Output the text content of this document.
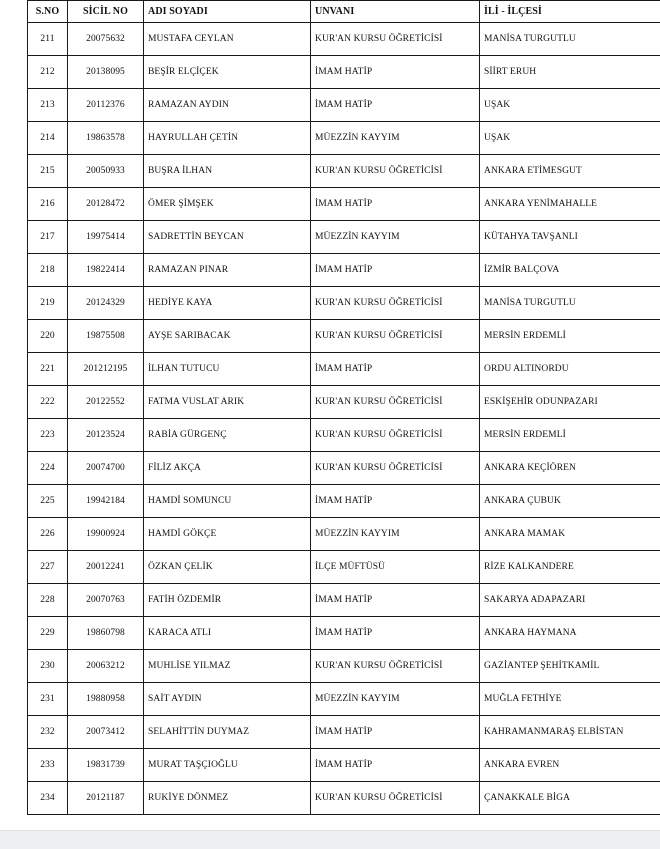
S.NO	SİCİL NO	ADI SOYADI	UNVANI	İLİ - İLÇESİ
211	20075632	MUSTAFA CEYLAN	KUR'AN KURSU ÖĞRETİCİSİ	MANİSA TURGUTLU
212	20138095	BEŞİR ELÇİÇEK	İMAM HATİP	SİİRT ERUH
213	20112376	RAMAZAN AYDIN	İMAM HATİP	UŞAK
214	19863578	HAYRULLAH ÇETİN	MÜEZZİN KAYYIM	UŞAK
215	20050933	BUŞRA İLHAN	KUR'AN KURSU ÖĞRETİCİSİ	ANKARA ETİMESGUT
216	20128472	ÖMER ŞİMŞEK	İMAM HATİP	ANKARA YENİMAHALLE
217	19975414	SADRETTİN BEYCAN	MÜEZZİN KAYYIM	KÜTAHYA TAVŞANLI
218	19822414	RAMAZAN PINAR	İMAM HATİP	İZMİR BALÇOVA
219	20124329	HEDİYE KAYA	KUR'AN KURSU ÖĞRETİCİSİ	MANİSA TURGUTLU
220	19875508	AYŞE SARIBACAK	KUR'AN KURSU ÖĞRETİCİSİ	MERSİN ERDEMLİ
221	201212195	İLHAN TUTUCU	İMAM HATİP	ORDU ALTINORDU
222	20122552	FATMA VUSLAT ARIK	KUR'AN KURSU ÖĞRETİCİSİ	ESKİŞEHİR ODUNPAZARI
223	20123524	RABİA GÜRGENÇ	KUR'AN KURSU ÖĞRETİCİSİ	MERSİN ERDEMLİ
224	20074700	FİLİZ AKÇA	KUR'AN KURSU ÖĞRETİCİSİ	ANKARA KEÇİÖREN
225	19942184	HAMDİ SOMUNCU	İMAM HATİP	ANKARA ÇUBUK
226	19900924	HAMDİ GÖKÇE	MÜEZZİN KAYYIM	ANKARA MAMAK
227	20012241	ÖZKAN ÇELİK	İLÇE MÜFTÜSÜ	RİZE KALKANDERE
228	20070763	FATİH ÖZDEMİR	İMAM HATİP	SAKARYA ADAPAZARI
229	19860798	KARACA ATLI	İMAM HATİP	ANKARA HAYMANA
230	20063212	MUHLİSE YILMAZ	KUR'AN KURSU ÖĞRETİCİSİ	GAZİANTEP ŞEHİTKAMİL
231	19880958	SAİT AYDIN	MÜEZZİN KAYYIM	MUĞLA FETHİYE
232	20073412	SELAHİTTİN DUYMAZ	İMAM HATİP	KAHRAMANMARAŞ ELBİSTAN
233	19831739	MURAT TAŞÇIOĞLU	İMAM HATİP	ANKARA EVREN
234	20121187	RUKİYE DÖNMEZ	KUR'AN KURSU ÖĞRETİCİSİ	ÇANAKKALE BİGA
